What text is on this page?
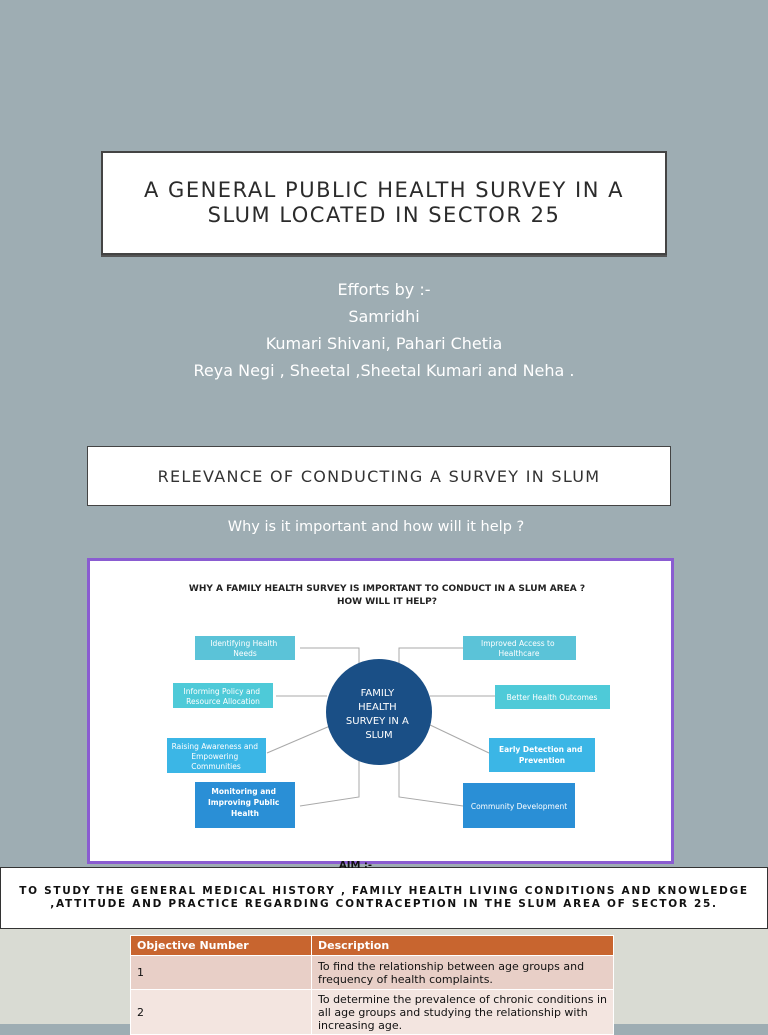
A GENERAL PUBLIC HEALTH SURVEY IN A SLUM LOCATED IN SECTOR 25
Efforts by :-
Samridhi
Kumari Shivani, Pahari Chetia
Reya Negi , Sheetal ,Sheetal Kumari and Neha .
RELEVANCE OF CONDUCTING A SURVEY IN SLUM
Why is it important and how will it help ?
WHY A FAMILY HEALTH SURVEY IS IMPORTANT TO CONDUCT IN A SLUM AREA ?
HOW WILL IT HELP?
Identifying Health Needs
Informing Policy and Resource Allocation
Raising Awareness and Empowering Communities
Monitoring and Improving Public Health
Improved Access to Healthcare
Better Health Outcomes
Early Detection and Prevention
Community Development
FAMILY HEALTH SURVEY IN A SLUM
AIM :-
TO STUDY THE GENERAL MEDICAL HISTORY , FAMILY HEALTH LIVING CONDITIONS AND KNOWLEDGE ,ATTITUDE AND PRACTICE REGARDING CONTRACEPTION IN THE SLUM AREA OF SECTOR 25.
Objective Number	Description
1	To find the relationship between age groups and frequency of health complaints.
2	To determine the prevalence of chronic conditions in all age groups and studying the relationship with increasing age.
